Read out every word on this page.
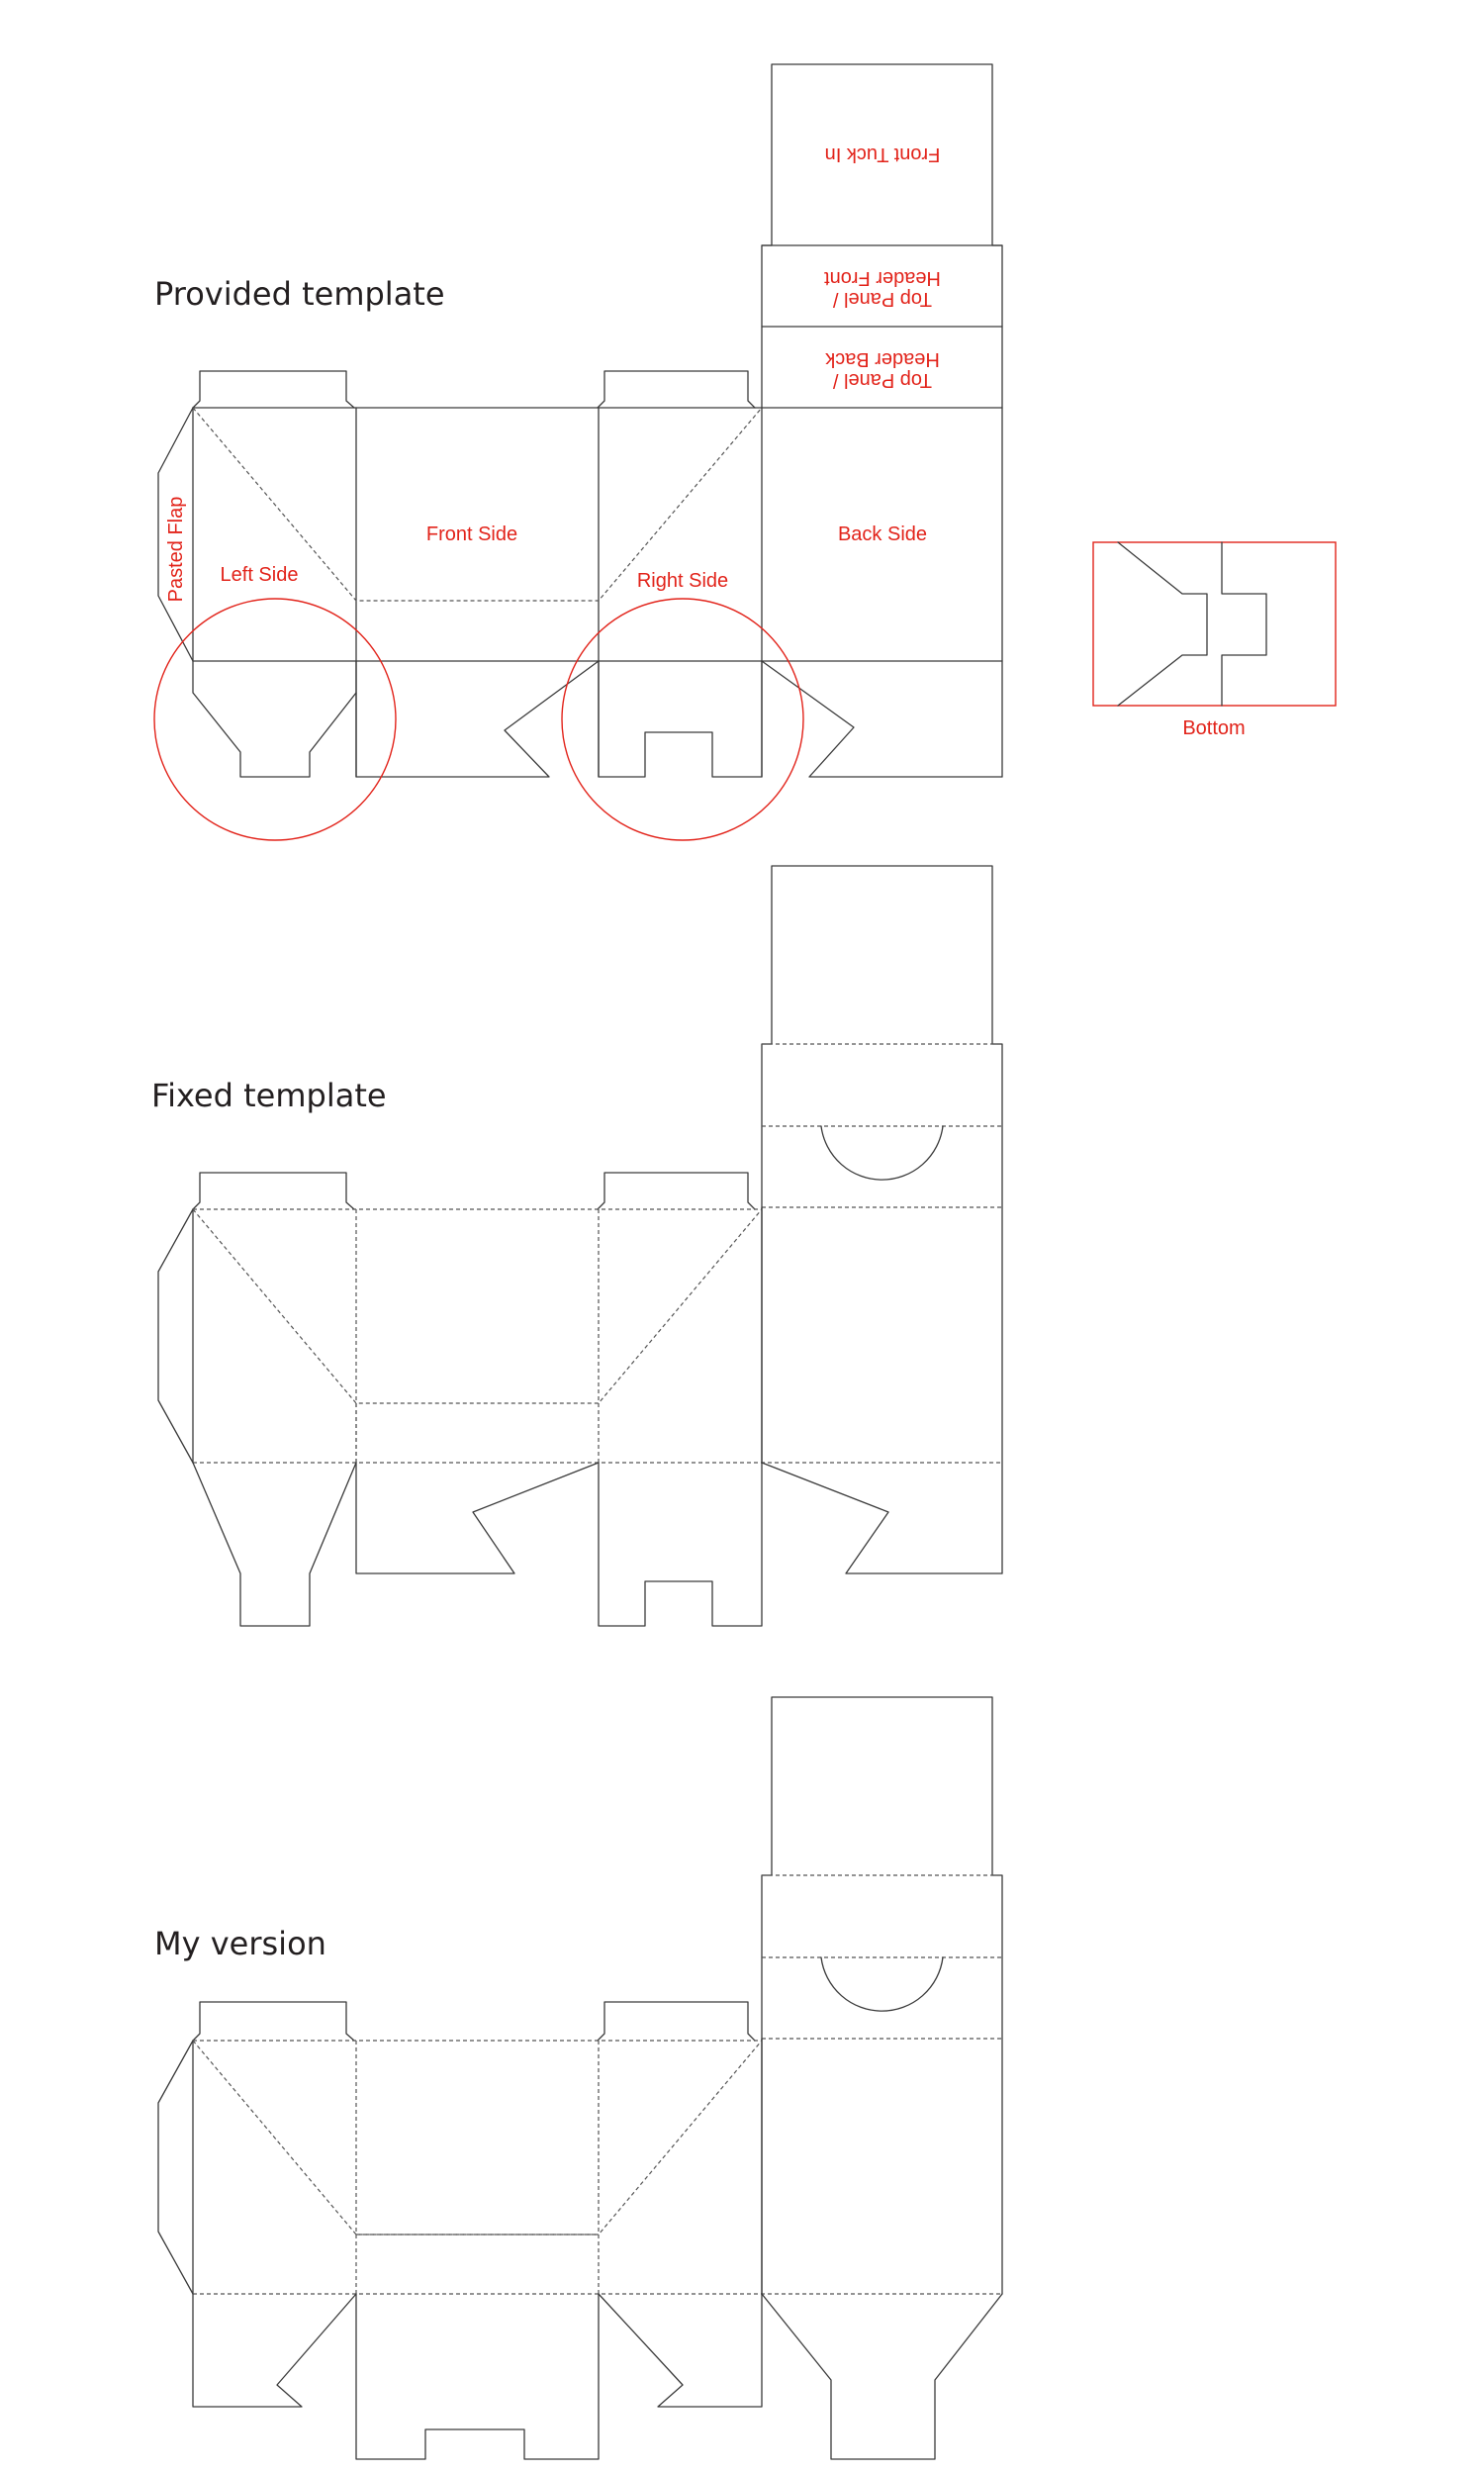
Provided template
Pasted Flap Left Side
Front Side
Right Side
Back Side
Front Tuck In
Top Panel /
Header Front
Top Panel /
Header Back
Bottom
Fixed template
My version
